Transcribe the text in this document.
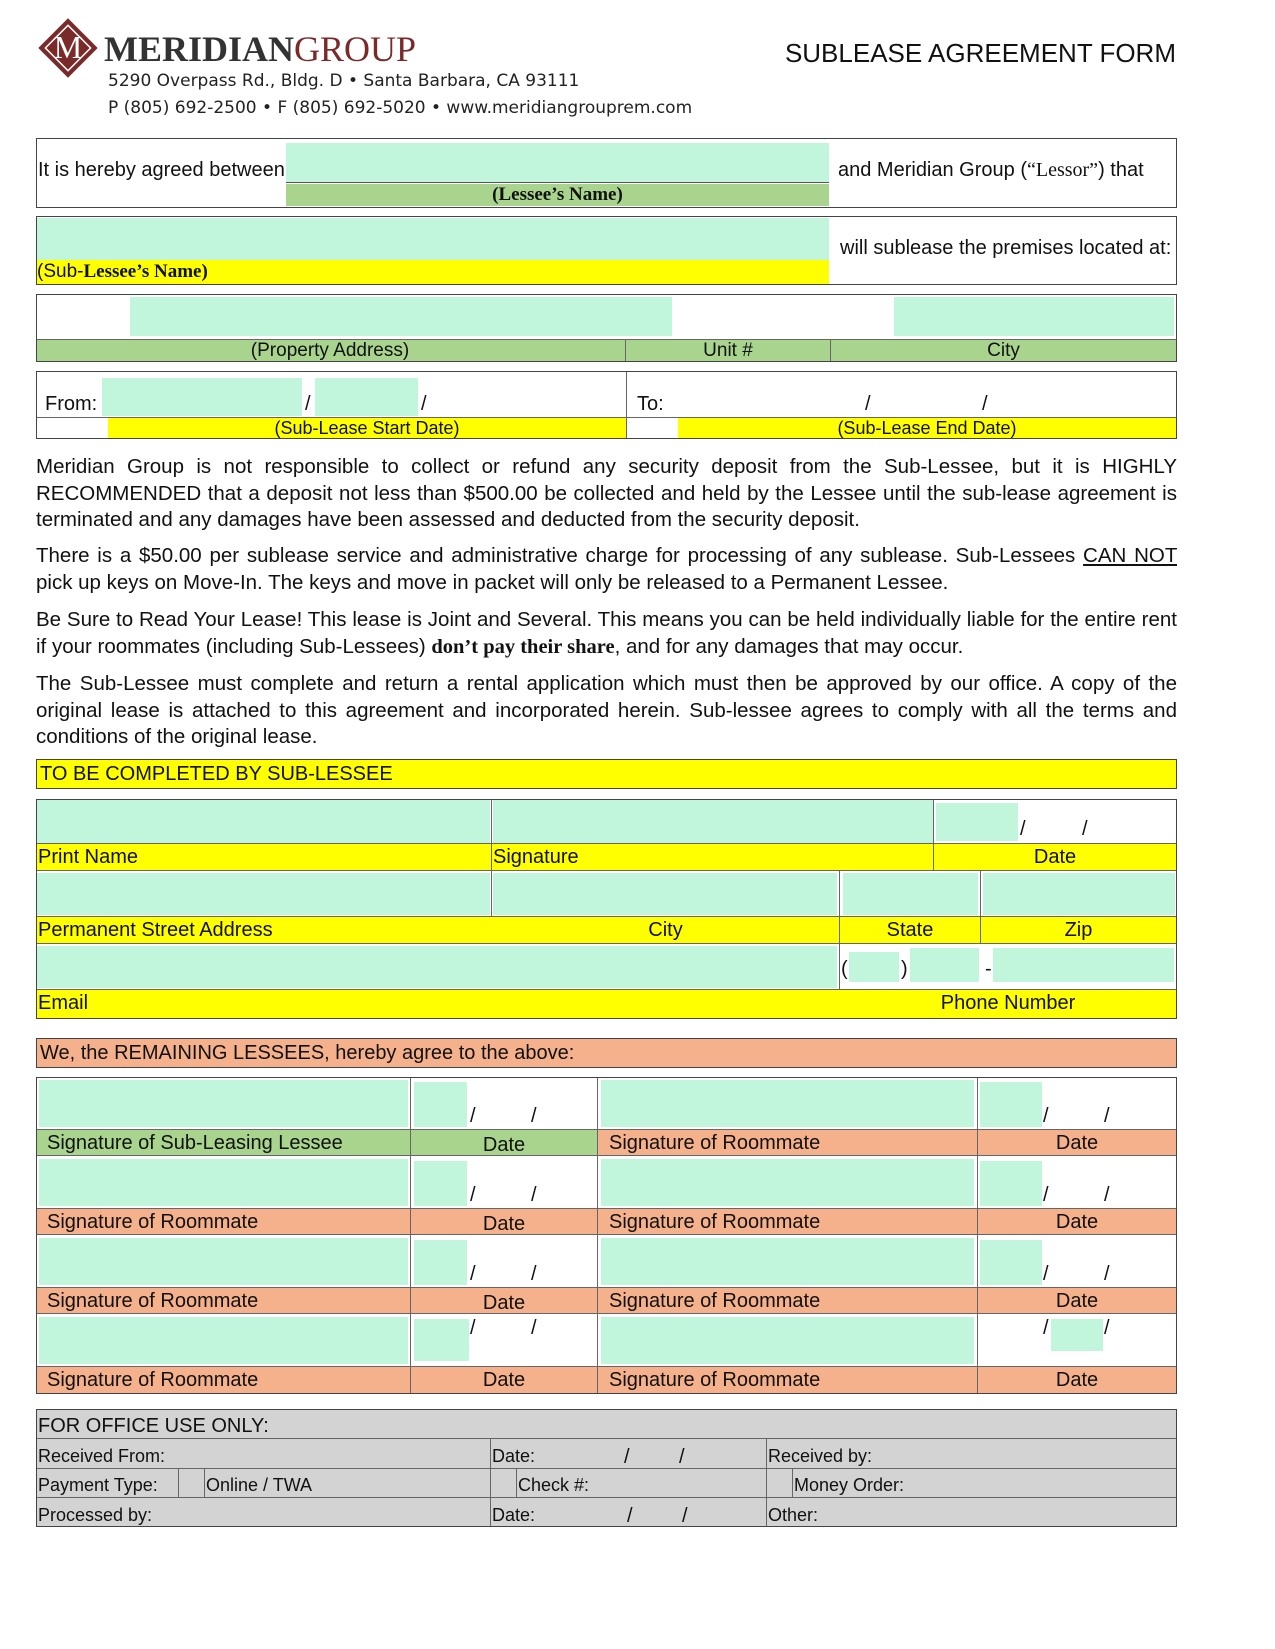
M MERIDIANGROUP
5290 Overpass Rd., Bldg. D • Santa Barbara, CA 93111
P (805) 692-2500 • F (805) 692-5020 • www.meridiangrouprem.com
SUBLEASE AGREEMENT FORM
It is hereby agreed between
(Lessee’s Name)
and Meridian Group (“Lessor”) that
(Sub-Lessee’s Name)
will sublease the premises located at:
(Property Address)	Unit #	City
From:	/	/	To:	/	/
(Sub-Lease Start Date)	(Sub-Lease End Date)
Meridian Group is not responsible to collect or refund any security deposit from the Sub-Lessee, but it is HIGHLY RECOMMENDED that a deposit not less than $500.00 be collected and held by the Lessee until the sub-lease agreement is terminated and any damages have been assessed and deducted from the security deposit.
There is a $50.00 per sublease service and administrative charge for processing of any sublease. Sub-Lessees CAN NOT pick up keys on Move-In. The keys and move in packet will only be released to a Permanent Lessee.
Be Sure to Read Your Lease! This lease is Joint and Several. This means you can be held individually liable for the entire rent if your roommates (including Sub-Lessees) don’t pay their share, and for any damages that may occur.
The Sub-Lessee must complete and return a rental application which must then be approved by our office. A copy of the original lease is attached to this agreement and incorporated herein. Sub-lessee agrees to comply with all the terms and conditions of the original lease.
TO BE COMPLETED BY SUB-LESSEE
/	/
Print Name	Signature	Date
Permanent Street Address	City	State	Zip
(	)	-
Email	Phone Number
We, the REMAINING LESSEES, hereby agree to the above:
/	/	/	/
Signature of Sub-Leasing Lessee	Date	Signature of Roommate	Date
/	/	/	/
Signature of Roommate	Date	Signature of Roommate	Date
/	/	/	/
Signature of Roommate	Date	Signature of Roommate	Date
/	/	/	/
Signature of Roommate	Date	Signature of Roommate	Date
FOR OFFICE USE ONLY:
Received From:	Date:	/ /	Received by:
Payment Type:	Online / TWA	Check #:	Money Order:
Processed by:	Date:	/ /	Other:
